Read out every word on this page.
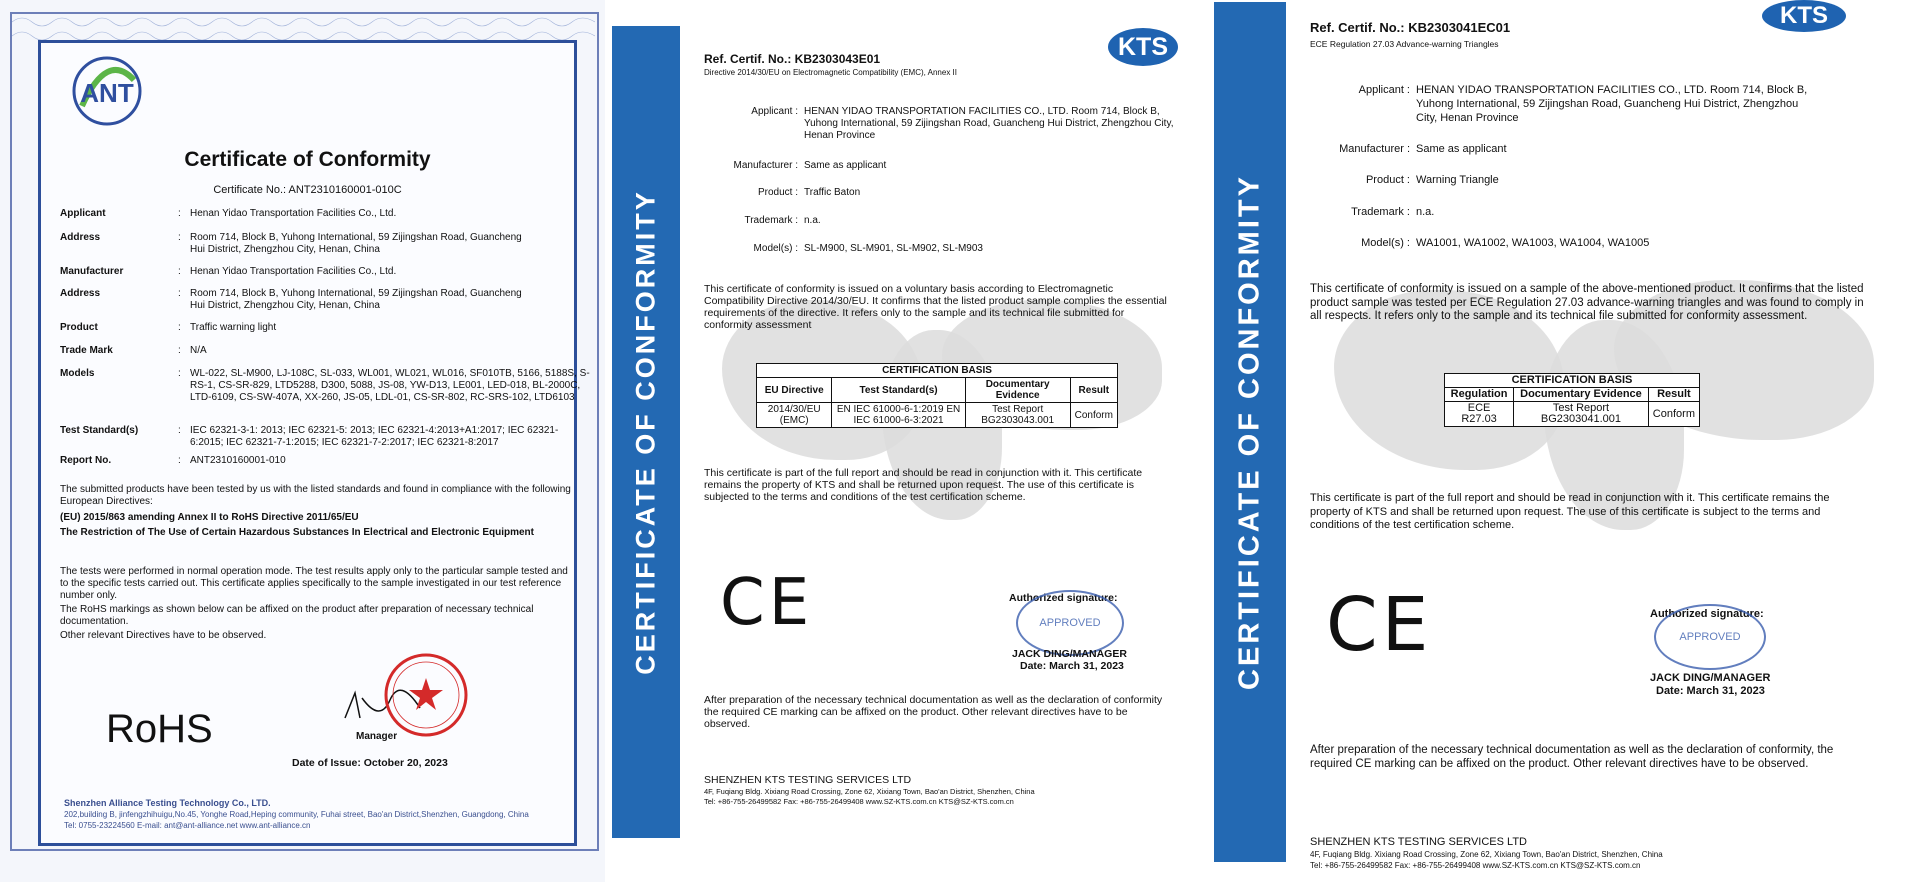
ANT
Certificate of Conformity
Certificate No.: ANT2310160001-010C
Applicant	: Henan Yidao Transportation Facilities Co., Ltd.
Address	: Room 714, Block B, Yuhong International, 59 Zijingshan Road, Guancheng Hui District, Zhengzhou City, Henan, China
Manufacturer	: Henan Yidao Transportation Facilities Co., Ltd.
Address	: Room 714, Block B, Yuhong International, 59 Zijingshan Road, Guancheng Hui District, Zhengzhou City, Henan, China
Product	: Traffic warning light
Trade Mark	: N/A
Models	: WL-022, SL-M900, LJ-108C, SL-033, WL001, WL021, WL016, SF010TB, 5166, 5188S, S-RS-1, CS-SR-829, LTD5288, D300, 5088, JS-08, YW-D13, LE001, LED-018, BL-2000C, LTD-6109, CS-SW-407A, XX-260, JS-05, LDL-01, CS-SR-802, RC-SRS-102, LTD6103
Test Standard(s)	: IEC 62321-3-1: 2013; IEC 62321-5: 2013; IEC 62321-4:2013+A1:2017; IEC 62321-6:2015; IEC 62321-7-1:2015; IEC 62321-7-2:2017; IEC 62321-8:2017
Report No.	: ANT2310160001-010
The submitted products have been tested by us with the listed standards and found in compliance with the following European Directives:
(EU) 2015/863 amending Annex II to RoHS Directive 2011/65/EU
The Restriction of The Use of Certain Hazardous Substances In Electrical and Electronic Equipment
The tests were performed in normal operation mode. The test results apply only to the particular sample tested and to the specific tests carried out. This certificate applies specifically to the sample investigated in our test reference number only.
The RoHS markings as shown below can be affixed on the product after preparation of necessary technical documentation.
Other relevant Directives have to be observed.
RoHS	Manager
Date of Issue: October 20, 2023
Shenzhen Alliance Testing Technology Co., LTD.
202,building B, jinfengzhihuigu,No.45, Yonghe Road,Heping community, Fuhai street, Bao'an District,Shenzhen, Guangdong, China
Tel: 0755-23224560 E-mail: ant@ant-alliance.net www.ant-alliance.cn
CERTIFICATE OF CONFORMITY
KTS
Ref. Certif. No.: KB2303043E01
Directive 2014/30/EU on Electromagnetic Compatibility (EMC), Annex II
Applicant : HENAN YIDAO TRANSPORTATION FACILITIES CO., LTD. Room 714, Block B, Yuhong International, 59 Zijingshan Road, Guancheng Hui District, Zhengzhou City, Henan Province
Manufacturer : Same as applicant
Product : Traffic Baton
Trademark : n.a.
Model(s) : SL-M900, SL-M901, SL-M902, SL-M903
This certificate of conformity is issued on a voluntary basis according to Electromagnetic Compatibility Directive 2014/30/EU. It confirms that the listed product sample complies the essential requirements of the directive. It refers only to the sample and its technical file submitted for conformity assessment
CERTIFICATION BASIS			
EU Directive	Test Standard(s)	Documentary Evidence	Result
2014/30/EU (EMC)	EN IEC 61000-6-1:2019 EN IEC 61000-6-3:2021	Test Report BG2303043.001	Conform
This certificate is part of the full report and should be read in conjunction with it. This certificate remains the property of KTS and shall be returned upon request. The use of this certificate is subjected to the terms and conditions of the test certification scheme.
CE	Authorized signature:
APPROVED
JACK DING/MANAGER
Date: March 31, 2023
After preparation of the necessary technical documentation as well as the declaration of conformity the required CE marking can be affixed on the product. Other relevant directives have to be observed.
SHENZHEN KTS TESTING SERVICES LTD
4F, Fuqiang Bldg. Xixiang Road Crossing, Zone 62, Xixiang Town, Bao'an District, Shenzhen, China
Tel: +86-755-26499582 Fax: +86-755-26499408 www.SZ-KTS.com.cn KTS@SZ-KTS.com.cn
CERTIFICATE OF CONFORMITY
KTS
Ref. Certif. No.: KB2303041EC01
ECE Regulation 27.03 Advance-warning Triangles
Applicant : HENAN YIDAO TRANSPORTATION FACILITIES CO., LTD. Room 714, Block B, Yuhong International, 59 Zijingshan Road, Guancheng Hui District, Zhengzhou City, Henan Province
Manufacturer : Same as applicant
Product : Warning Triangle
Trademark : n.a.
Model(s) : WA1001, WA1002, WA1003, WA1004, WA1005
This certificate of conformity is issued on a sample of the above-mentioned product. It confirms that the listed product sample was tested per ECE Regulation 27.03 advance-warning triangles and was found to comply in all respects. It refers only to the sample and its technical file submitted for conformity assessment.
CERTIFICATION BASIS		
Regulation	Documentary Evidence	Result
ECE R27.03	Test Report BG2303041.001	Conform
This certificate is part of the full report and should be read in conjunction with it. This certificate remains the property of KTS and shall be returned upon request. The use of this certificate is subject to the terms and conditions of the test certification scheme.
CE	Authorized signature:
APPROVED
JACK DING/MANAGER
Date: March 31, 2023
After preparation of the necessary technical documentation as well as the declaration of conformity, the required CE marking can be affixed on the product. Other relevant directives have to be observed.
SHENZHEN KTS TESTING SERVICES LTD
4F, Fuqiang Bldg. Xixiang Road Crossing, Zone 62, Xixiang Town, Bao'an District, Shenzhen, China
Tel: +86-755-26499582 Fax: +86-755-26499408 www.SZ-KTS.com.cn KTS@SZ-KTS.com.cn
